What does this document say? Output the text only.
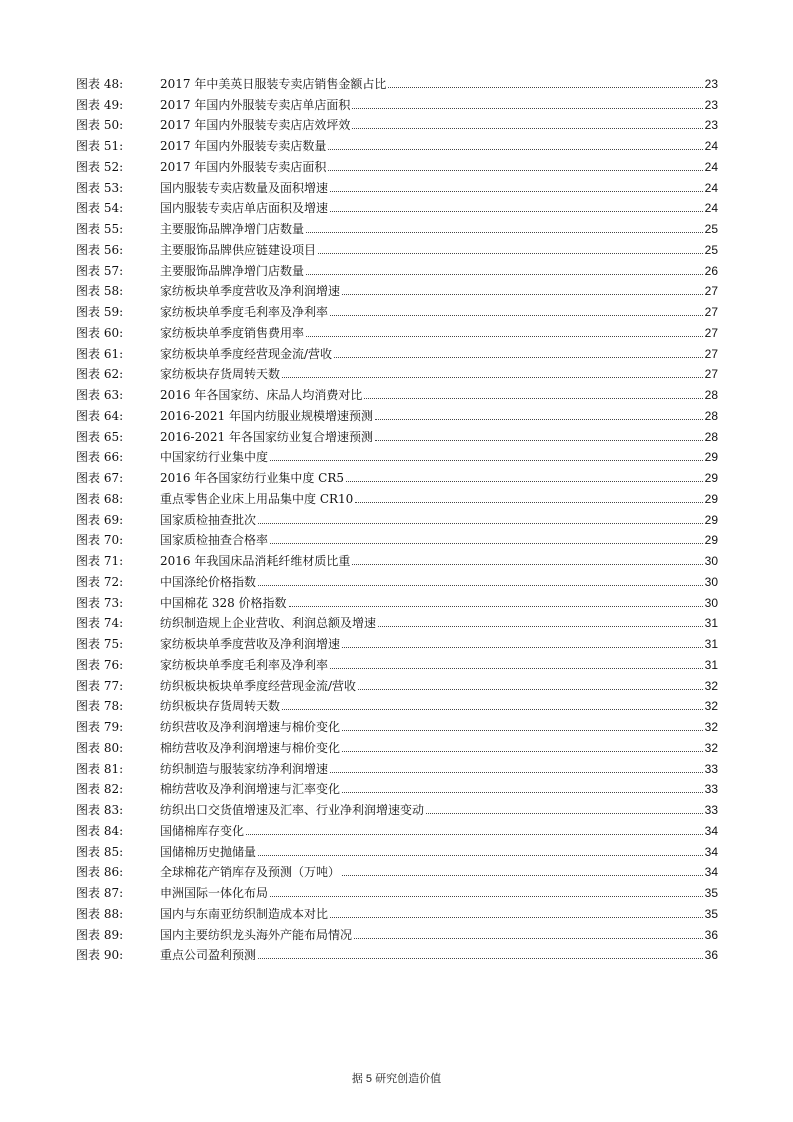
图表 48:	2017 年中美英日服装专卖店销售金额占比	23
图表 49:	2017 年国内外服装专卖店单店面积	23
图表 50:	2017 年国内外服装专卖店店效坪效	23
图表 51:	2017 年国内外服装专卖店数量	24
图表 52:	2017 年国内外服装专卖店面积	24
图表 53:	国内服装专卖店数量及面积增速	24
图表 54:	国内服装专卖店单店面积及增速	24
图表 55:	主要服饰品牌净增门店数量	25
图表 56:	主要服饰品牌供应链建设项目	25
图表 57:	主要服饰品牌净增门店数量	26
图表 58:	家纺板块单季度营收及净利润增速	27
图表 59:	家纺板块单季度毛利率及净利率	27
图表 60:	家纺板块单季度销售费用率	27
图表 61:	家纺板块单季度经营现金流/营收	27
图表 62:	家纺板块存货周转天数	27
图表 63:	2016 年各国家纺、床品人均消费对比	28
图表 64:	2016-2021 年国内纺服业规模增速预测	28
图表 65:	2016-2021 年各国家纺业复合增速预测	28
图表 66:	中国家纺行业集中度	29
图表 67:	2016 年各国家纺行业集中度 CR5	29
图表 68:	重点零售企业床上用品集中度 CR10	29
图表 69:	国家质检抽查批次	29
图表 70:	国家质检抽查合格率	29
图表 71:	2016 年我国床品消耗纤维材质比重	30
图表 72:	中国涤纶价格指数	30
图表 73:	中国棉花 328 价格指数	30
图表 74:	纺织制造规上企业营收、利润总额及增速	31
图表 75:	家纺板块单季度营收及净利润增速	31
图表 76:	家纺板块单季度毛利率及净利率	31
图表 77:	纺织板块板块单季度经营现金流/营收	32
图表 78:	纺织板块存货周转天数	32
图表 79:	纺织营收及净利润增速与棉价变化	32
图表 80:	棉纺营收及净利润增速与棉价变化	32
图表 81:	纺织制造与服装家纺净利润增速	33
图表 82:	棉纺营收及净利润增速与汇率变化	33
图表 83:	纺织出口交货值增速及汇率、行业净利润增速变动	33
图表 84:	国储棉库存变化	34
图表 85:	国储棉历史抛储量	34
图表 86:	全球棉花产销库存及预测（万吨）	34
图表 87:	申洲国际一体化布局	35
图表 88:	国内与东南亚纺织制造成本对比	35
图表 89:	国内主要纺织龙头海外产能布局情况	36
图表 90:	重点公司盈利预测	36
据 5 研究创造价值
